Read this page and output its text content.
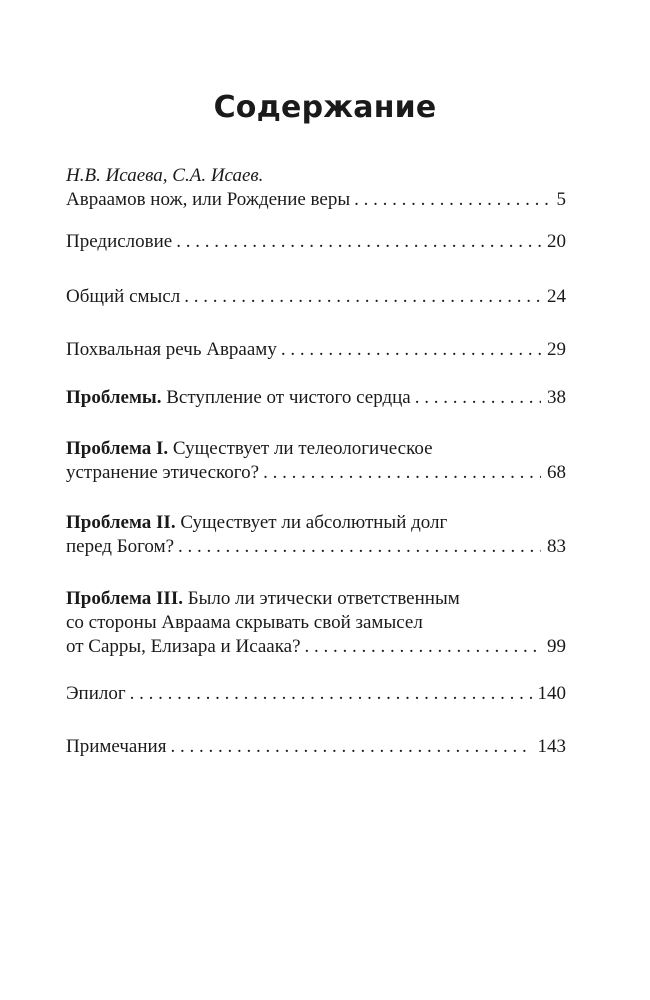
Содержание
Н.В. Исаева, С.А. Исаев.
Авраамов нож, или Рождение веры . . .	5
Предисловие . . .	20
Общий смысл . . .	24
Похвальная речь Аврааму . . .	29
Проблемы.
Вступление от чистого сердца . . .	38
Проблема I.
Существует ли телеологическое
устранение этического? . . .	68
Проблема II.
Существует ли абсолютный долг
перед Богом? . . .	83
Проблема III.
Было ли этически ответственным
со стороны Авраама скрывать свой замысел
от Сарры, Елизара и Исаака? . . .	99
Эпилог . . .	140
Примечания . . .	143
